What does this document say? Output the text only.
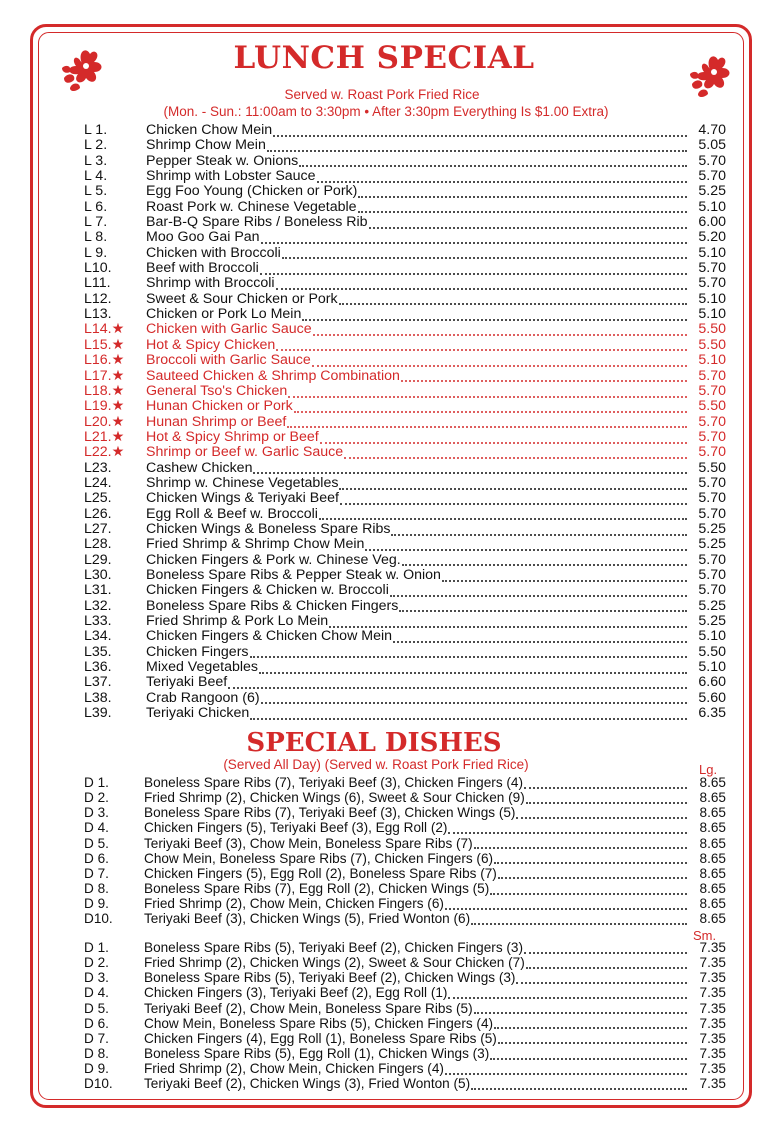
LUNCH SPECIAL
Served w. Roast Pork Fried Rice
(Mon. - Sun.: 11:00am to 3:30pm • After 3:30pm Everything Is $1.00 Extra)
L 1.	Chicken Chow Mein	4.70
L 2.	Shrimp Chow Mein	5.05
L 3.	Pepper Steak w. Onions	5.70
L 4.	Shrimp with Lobster Sauce	5.70
L 5.	Egg Foo Young (Chicken or Pork)	5.25
L 6.	Roast Pork w. Chinese Vegetable	5.10
L 7.	Bar-B-Q Spare Ribs / Boneless Rib	6.00
L 8.	Moo Goo Gai Pan	5.20
L 9.	Chicken with Broccoli	5.10
L10.	Beef with Broccoli	5.70
L11.	Shrimp with Broccoli	5.70
L12.	Sweet & Sour Chicken or Pork	5.10
L13.	Chicken or Pork Lo Mein	5.10
L14.★	Chicken with Garlic Sauce	5.50
L15.★	Hot & Spicy Chicken	5.50
L16.★	Broccoli with Garlic Sauce	5.10
L17.★	Sauteed Chicken & Shrimp Combination	5.70
L18.★	General Tso's Chicken	5.70
L19.★	Hunan Chicken or Pork	5.50
L20.★	Hunan Shrimp or Beef	5.70
L21.★	Hot & Spicy Shrimp or Beef	5.70
L22.★	Shrimp or Beef w. Garlic Sauce	5.70
L23.	Cashew Chicken	5.50
L24.	Shrimp w. Chinese Vegetables	5.70
L25.	Chicken Wings & Teriyaki Beef	5.70
L26.	Egg Roll & Beef w. Broccoli	5.70
L27.	Chicken Wings & Boneless Spare Ribs	5.25
L28.	Fried Shrimp & Shrimp Chow Mein	5.25
L29.	Chicken Fingers & Pork w. Chinese Veg.	5.70
L30.	Boneless Spare Ribs & Pepper Steak w. Onion	5.70
L31.	Chicken Fingers & Chicken w. Broccoli	5.70
L32.	Boneless Spare Ribs & Chicken Fingers	5.25
L33.	Fried Shrimp & Pork Lo Mein	5.25
L34.	Chicken Fingers & Chicken Chow Mein	5.10
L35.	Chicken Fingers	5.50
L36.	Mixed Vegetables	5.10
L37.	Teriyaki Beef	6.60
L38.	Crab Rangoon (6)	5.60
L39.	Teriyaki Chicken	6.35
SPECIAL DISHES
(Served All Day) (Served w. Roast Pork Fried Rice)	Lg.
D 1.	Boneless Spare Ribs (7), Teriyaki Beef (3), Chicken Fingers (4)	8.65
D 2.	Fried Shrimp (2), Chicken Wings (6), Sweet & Sour Chicken (9)	8.65
D 3.	Boneless Spare Ribs (7), Teriyaki Beef (3), Chicken Wings (5)	8.65
D 4.	Chicken Fingers (5), Teriyaki Beef (3), Egg Roll (2)	8.65
D 5.	Teriyaki Beef (3), Chow Mein, Boneless Spare Ribs (7)	8.65
D 6.	Chow Mein, Boneless Spare Ribs (7), Chicken Fingers (6)	8.65
D 7.	Chicken Fingers (5), Egg Roll (2), Boneless Spare Ribs (7)	8.65
D 8.	Boneless Spare Ribs (7), Egg Roll (2), Chicken Wings (5)	8.65
D 9.	Fried Shrimp (2), Chow Mein, Chicken Fingers (6)	8.65
D10.	Teriyaki Beef (3), Chicken Wings (5), Fried Wonton (6)	8.65
Sm.
D 1.	Boneless Spare Ribs (5), Teriyaki Beef (2), Chicken Fingers (3)	7.35
D 2.	Fried Shrimp (2), Chicken Wings (2), Sweet & Sour Chicken (7)	7.35
D 3.	Boneless Spare Ribs (5), Teriyaki Beef (2), Chicken Wings (3)	7.35
D 4.	Chicken Fingers (3), Teriyaki Beef (2), Egg Roll (1)	7.35
D 5.	Teriyaki Beef (2), Chow Mein, Boneless Spare Ribs (5)	7.35
D 6.	Chow Mein, Boneless Spare Ribs (5), Chicken Fingers (4)	7.35
D 7.	Chicken Fingers (4), Egg Roll (1), Boneless Spare Ribs (5)	7.35
D 8.	Boneless Spare Ribs (5), Egg Roll (1), Chicken Wings (3)	7.35
D 9.	Fried Shrimp (2), Chow Mein, Chicken Fingers (4)	7.35
D10.	Teriyaki Beef (2), Chicken Wings (3), Fried Wonton (5)	7.35
